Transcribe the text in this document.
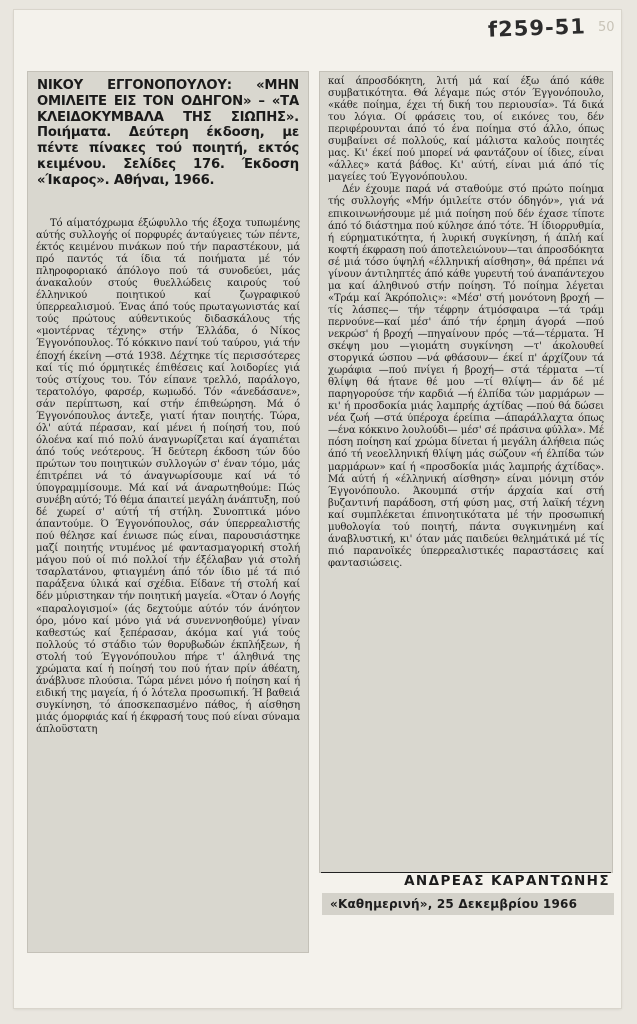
f259-51 50

ΝΙΚΟΥ ΕΓΓΟΝΟΠΟΥΛΟΥ: «ΜΗΝ ΟΜΙΛΕΙΤΕ ΕΙΣ ΤΟΝ ΟΔΗΓΟΝ» – «ΤΑ ΚΛΕΙΔΟΚΥΜΒΑΛΑ ΤΗΣ ΣΙΩΠΗΣ». Ποιήματα. Δεύτερη έκδοση, με πέντε πίνακες τού ποιητή, εκτός κειμένου. Σελίδες 176. Έκδοση «Ίκαρος». Αθήναι, 1966.

Τό αίματόχρωμα έξώφυλλο τής έξοχα τυπωμένης αύτής συλλογής οί πορφυρές άνταύγειες τών πέντε, έκτός κειμένου πινάκων πού τήν παραστέκουν, μά πρό παντός τά ίδια τά ποιήματα μέ τόν πληροφοριακό άπόλογο πού τά συνοδεύει, μάς άνακαλούν στούς θυελλώδεις καιρούς τού έλληνικού ποιητικού καί ζωγραφικού ύπερρεαλισμού. Ένας άπό τούς πρωταγωνιστάς καί τούς πρώτους αύθεντικούς διδασκάλους τής «μοντέρνας τέχνης» στήν Έλλάδα, ό Νίκος Έγγονόπουλος. Τό κόκκινο πανί τού ταύρου, γιά τήν έποχή έκείνη —στά 1938. Δέχτηκε τίς περισσότερες καί τίς πιό όρμητικές έπιθέσεις καί λοιδορίες γιά τούς στίχους του. Τόν είπανε τρελλό, παράλογο, τερατολόγο, φαρσέρ, κωμωδό. Τόν «άνεδάσανε», σάν περίπτωση, καί στήν έπιθεώρηση. Μά ό Έγγονόπουλος άντεξε, γιατί ήταν ποιητής. Τώρα, όλ' αύτά πέρασαν, καί μένει ή ποίησή του, πού όλοένα καί πιό πολύ άναγνωρίζεται καί άγαπιέται άπό τούς νεότερους. Ή δεύτερη έκδοση τών δύο πρώτων του ποιητικών συλλογών σ' έναν τόμο, μάς έπιτρέπει νά τό άναγνωρίσουμε καί νά τό ύπογραμμίσουμε. Μά καί νά άναρωτηθούμε: Πώς συνέβη αύτό; Τό θέμα άπαιτεί μεγάλη άνάπτυξη, πού δέ χωρεί σ' αύτή τή στήλη. Συνοπτικά μόνο άπαντούμε. Ό Έγγονόπουλος, σάν ύπερρεαλιστής πού θέλησε καί ένιωσε πώς είναι, παρουσιάστηκε μαζί ποιητής ντυμένος μέ φαντασμαγορική στολή μάγου πού οί πιό πολλοί τήν έξέλαβαν γιά στολή τσαρλατάνου, φτιαγμένη άπό τόν ίδιο μέ τά πιό παράξενα ύλικά καί σχέδια. Είδανε τή στολή καί δέν μύριστηκαν τήν ποιητική μαγεία. «Όταν ό Λογής «παραλογισμοί» (άς δεχτούμε αύτόν τόν άνόητον όρο, μόνο καί μόνο γιά νά συνεννοηθούμε) γίναν καθεστώς καί ξεπέρασαν, άκόμα καί γιά τούς πολλούς τό στάδιο τών θορυβωδών έκπλήξεων, ή στολή τού Έγγονόπουλου πήρε τ' άληθινά της χρώματα καί ή ποίησή του πού ήταν πρίν άθέατη, άνάβλυσε πλούσια. Τώρα μένει μόνο ή ποίηση καί ή ειδική της μαγεία, ή ό λότελα προσωπική. Ή βαθειά συγκίνηση, τό άποσκεπασμένο πάθος, ή αίσθηση μιάς όμορφιάς καί ή έκφρασή τους πού είναι σύναμα άπλοϋστατη

καί άπροσδόκητη, λιτή μά καί έξω άπό κάθε συμβατικότητα. Θά λέγαμε πώς στόν Έγγονόπουλο, «κάθε ποίημα, έχει τή δική του περιουσία». Τά δικά του λόγια. Οί φράσεις του, οί εικόνες του, δέν περιφέρουνται άπό τό ένα ποίημα στό άλλο, όπως συμβαίνει σέ πολλούς, καί μάλιστα καλούς ποιητές μας. Κι' έκεί πού μπορεί νά φαντάζουν οί ίδιες, είναι «άλλες» κατά βάθος. Κι' αύτή, είναι μιά άπό τίς μαγείες τού Έγγονόπουλου.
Δέν έχουμε παρά νά σταθούμε στό πρώτο ποίημα τής συλλογής «Μήν όμιλείτε στόν όδηγόν», γιά νά επικοινωνήσουμε μέ μιά ποίηση πού δέν έχασε τίποτε άπό τό διάστημα πού κύλησε άπό τότε. Ή ίδιορρυθμία, ή εύρηματικότητα, ή λυρική συγκίνηση, ή άπλή καί κοφτή έκφραση πού άποτελειώνουν—ται άπροσδόκητα σέ μιά τόσο ύψηλή «έλληνική αίσθηση», θά πρέπει νά γίνουν άντιληπτές άπό κάθε γυρευτή τού άναπάντεχου μα καί άληθινού στήν ποίηση. Τό ποίημα λέγεται «Τράμ καί Άκρόπολις»: «Μέσ' στή μονότονη βροχή —τίς λάσπες— τήν τέφρην άτμόσφαιρα —τά τράμ περνούνε—καί μέσ' άπό τήν έρημη άγορά —πού νεκρώσ' ή βροχή —πηγαίνουν πρός —τά—τέρματα. Ή σκέψη μου —γιομάτη συγκίνηση —τ' άκολουθεί στοργικά ώσπου —νά φθάσουν— έκεί π' άρχίζουν τά χωράφια —πού πνίγει ή βροχή— στά τέρματα —τί θλίψη θά ήτανε θέ μου —τί θλίψη— άν δέ μέ παρηγορούσε τήν καρδιά —ή έλπίδα τών μαρμάρων —κι' ή προσδοκία μιάς λαμπρής άχτίδας —πού θά δώσει νέα ζωή —στά ύπέροχα έρείπια —άπαράλλαχτα όπως —ένα κόκκινο λουλούδι— μέσ' σέ πράσινα φύλλα». Μέ πόση ποίηση καί χρώμα δίνεται ή μεγάλη άλήθεια πώς άπό τή νεοελληνική θλίψη μάς σώζουν «ή έλπίδα τών μαρμάρων» καί ή «προσδοκία μιάς λαμπρής άχτίδας». Μά αύτή ή «έλληνική αίσθηση» είναι μόνιμη στόν Έγγονόπουλο. Άκουμπά στήν άρχαία καί στή βυζαντινή παράδοση, στή φύση μας, στή λαϊκή τέχνη καί συμπλέκεται έπινοητικότατα μέ τήν προσωπική μυθολογία τού ποιητή, πάντα συγκινημένη καί άναβλυστική, κι' όταν μάς παιδεύει θελημάτικά μέ τίς πιό παρανοϊκές ύπερρεαλιστικές παραστάσεις καί φαντασιώσεις.

ΑΝΔΡΕΑΣ ΚΑΡΑΝΤΩΝΗΣ
«Καθημερινή», 25 Δεκεμβρίου 1966
